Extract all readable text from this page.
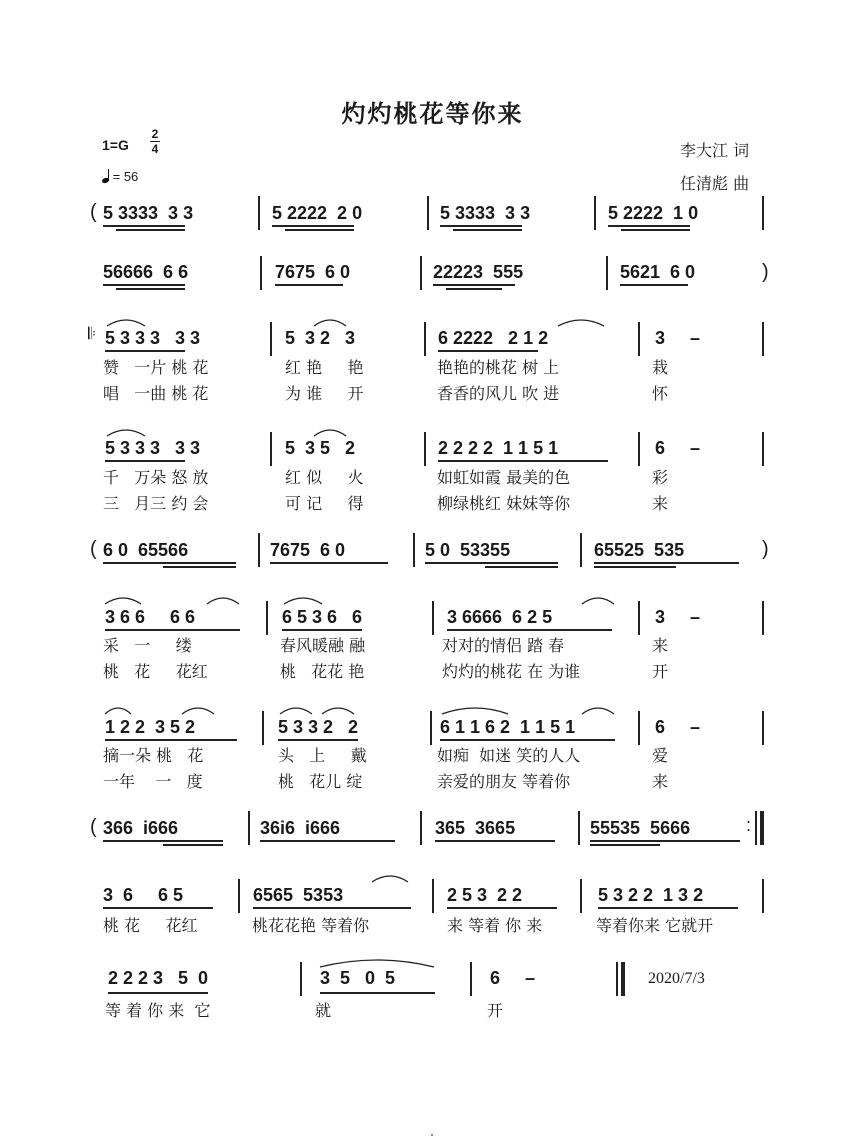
灼灼桃花等你来
1=G
2
4
= 56
李大江 词
任清彪 曲
5 3333  3 3	5 2222  2 0	5 3333  3 3	5 2222  1 0
56666  6 6	7675  6 0	22223  555	5621  6 0
5 3 3 3   3 3	5  3 2   3	6 2222   2 1 2	3     –
赞   一片 桃 花	红 艳     艳	艳艳的桃花 树 上	栽
唱   一曲 桃 花	为 谁     开	香香的风儿 吹 进	怀
5 3 3 3   3 3	5  3 5   2	2 2 2 2  1 1 5 1	6     –
千   万朵 怒 放	红 似     火	如虹如霞 最美的色	彩
三   月三 约 会	可 记     得	柳绿桃红 妹妹等你	来
6 0  65566	7675  6 0	5 0  53355	65525  535
3 6 6     6 6	6 5 3 6   6	3 6666  6 2 5	3     –
采   一     缕	春风暖融 融	对对的情侣 踏 春	来
桃   花     花红	桃   花花 艳	灼灼的桃花 在 为谁	开
1 2 2  3 5 2	5 3 3 2   2	6 1 1 6 2  1 1 5 1	6     –
摘一朵 桃   花	头   上     戴	如痴  如迷 笑的人人	爱
一年    一   度	桃   花儿 绽	亲爱的朋友 等着你	来
366  i666	36i6  i666	365  3665	55535  5666
3  6     6 5	6565  5353	2 5 3  2 2	5 3 2 2  1 3 2
桃 花     花红	桃花花艳 等着你	来 等着 你 来	等着你来 它就开
2 2 2 3   5  0	3  5   0  5	6     –
等 着 你 来  它	就	开
(
)
𝄆
(	)
(	:
2020/7/3
